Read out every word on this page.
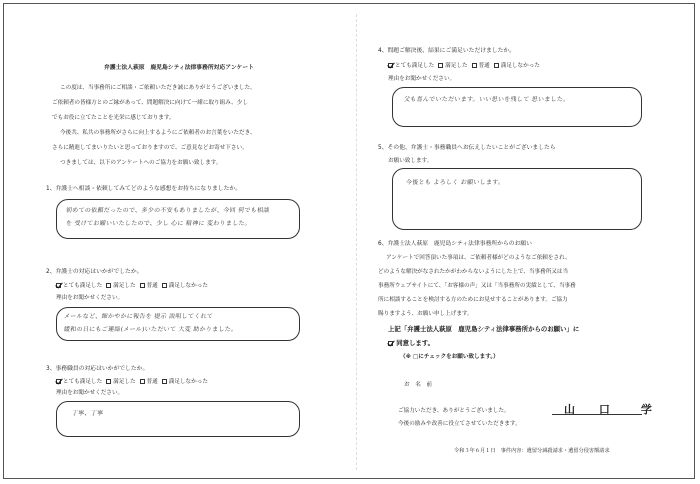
弁護士法人萩原　鹿児島シティ法律事務所対応アンケート
この度は、当事務所にご相談・ご依頼いただき誠にありがとうございました。
ご依頼者の皆様方とのご縁があって、問題解決に向けて一緒に取り組み、少し
でもお役に立てたことを光栄に感じております。
今後共、私共の事務所がさらに向上するようにご依頼者のお言葉をいただき、
さらに精進してまいりたいと思っておりますので、ご意見などお寄せ下さい。
つきましては、以下のアンケートへのご協力をお願い致します。
1、弁護士へ相談・依頼してみてどのような感想をお持ちになりましたか。
初めての依頼だったので、多少の不安もありましたが、今回 何でも相談
を 受けてお願いいたしたので、少し 心に 精神に 変わりました。
2、弁護士の対応はいかがでしたか。
とても満足した 満足した 普通 満足しなかった
理由をお聞かせください。
メールなど、細かやかに報告を 提示 説明してくれて
緩和の日にもご連絡(メール)いただいて 大変 助かりました。
3、事務職員の対応はいかがでしたか。
とても満足した 満足した 普通 満足しなかった
理由をお聞かせください。
丁寧、丁寧
4、問題ご解決後、結果にご満足いただけましたか。
とても満足した 満足した 普通 満足しなかった
理由をお聞かせください。
父も喜んでいただいます。いい思いを残して 思いました。
5、その他、弁護士・事務職員へお伝えしたいことがございましたら
お願い致します。
今後とも よろしく お願いします。
6、弁護士法人萩原　鹿児島シティ法律事務所からのお願い
アンケートで回答頂いた事項は、ご依頼者様がどのようなご依頼をされ、
どのような解決がなされたかがわからないようにした上で、当事務所又は当
事務所ウェブサイトにて、「お客様の声」又は「当事務所の実績として、当事務
所に相談することを検討する方のためにお見せすることがあります。ご協力
賜りますよう、お願い申し上げます。
上記「弁護士法人萩原　鹿児島シティ法律事務所からのお願い」に
同意します。
（※ □にチェックをお願い致します。）
お　名　前
山 口　学
ご協力いただき、ありがとうございました。
今後の励みや改善に役立てさせていただきます。
令和３年６月１日　事件内容：遺留分減殺請求・遺留分侵害額請求
